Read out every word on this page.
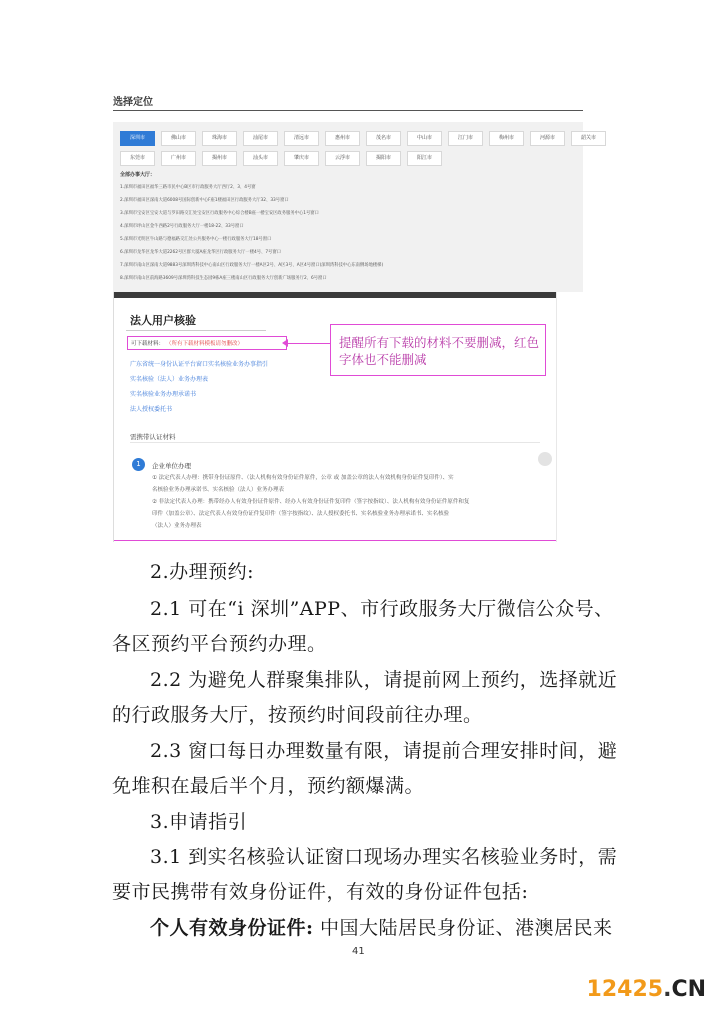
选择定位
深圳市	佛山市	珠海市	汕尾市	清远市	惠州市	茂名市	中山市	江门市	梅州市	河源市	韶关市
东莞市	广州市	揭州市	汕头市	肇庆市	云浮市	揭阳市	阳江市
全部办事大厅：
1.深圳市福田区福华三路市民中心B区市行政服务大厅西厅2、3、4号窗
2.深圳市福田区深南大道6008号国际创新中心F座1楼福田区行政服务大厅32、33号窗口
3.深圳市宝安区宝安大道与罗田路交汇处宝安区行政服务中心综合楼B座一楼宝安区政务服务中心1号窗口
4.深圳市坪山区金牛西路2号行政服务大厅一楼18-22、33号窗口
5.深圳市光明区牛山路与德福路交汇处公共服务中心一楼行政服务大厅18号窗口
6.深圳市龙华区龙华大道2262号区群大厦A座龙华区行政服务大厅一楼4号、7号窗口
7.深圳市南山区深南大道9883号深圳湾科技中心南山区行政服务大厅一楼A区2号、A区3号、A区4号窗口(深圳湾科技中心东南侧场地楼梯)
8.深圳市南山区前海路3609号深圳湾科技生态园9栋A座三楼南山区行政服务大厅创新广场服务厅2、6号窗口
法人用户核验
可下载材料： （所有下载材料模板请勿删改）	提醒所有下载的材料不要删减，红色字体也不能删减
广东省统一身份认证平台窗口实名核验业务办事指引
实名核验（法人）业务办理表
实名核验业务办理承诺书
法人授权委托书
需携带认证材料
1	企业单位办理
① 法定代表人办理：携带身份证原件、（法人机构有效身份证件原件，公章 或 加盖公章的法人有效机构身份证件复印件）、实
名核验业务办理承诺书、实名核验（法人）业务办理表
② 非法定代表人办理：携带经办人有效身份证件原件、经办人有效身份证件复印件（签字按指纹）、法人机构有效身份证件原件和复
印件（加盖公章）、法定代表人有效身份证件复印件（签字按指纹）、法人授权委托书、实名核验业务办理承诺书、实名核验
（法人）业务办理表
2.办理预约:
2.1 可在“i 深圳”APP、市行政服务大厅微信公众号、
各区预约平台预约办理。
2.2 为避免人群聚集排队，请提前网上预约，选择就近
的行政服务大厅，按预约时间段前往办理。
2.3 窗口每日办理数量有限，请提前合理安排时间，避
免堆积在最后半个月，预约额爆满。
3.申请指引
3.1 到实名核验认证窗口现场办理实名核验业务时，需
要市民携带有效身份证件，有效的身份证件包括:
个人有效身份证件: 中国大陆居民身份证、港澳居民来
41
12425.CN
